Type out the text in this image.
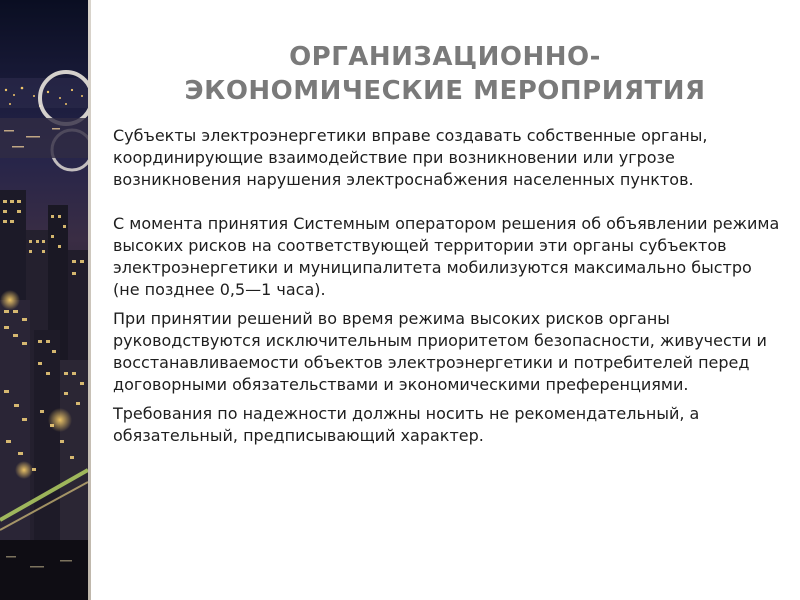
ОРГАНИЗАЦИОННО-
ЭКОНОМИЧЕСКИЕ МЕРОПРИЯТИЯ

Субъекты электроэнергетики вправе создавать собственные органы, координирующие взаимодействие при возникновении или угрозе возникновения нарушения электроснабжения населенных пунктов.

С момента принятия Системным оператором решения об объявлении режима высоких рисков на соответствующей территории эти органы субъектов электроэнергетики и муниципалитета мобилизуются максимально быстро (не позднее 0,5—1 часа).

При принятии решений во время режима высоких рисков органы руководствуются исключительным приоритетом безопасности, живучести и восстанавливаемости объектов электроэнергетики и потребителей перед договорными обязательствами и экономическими преференциями.

Требования по надежности должны носить не рекомендательный, а обязательный, предписывающий характер.
